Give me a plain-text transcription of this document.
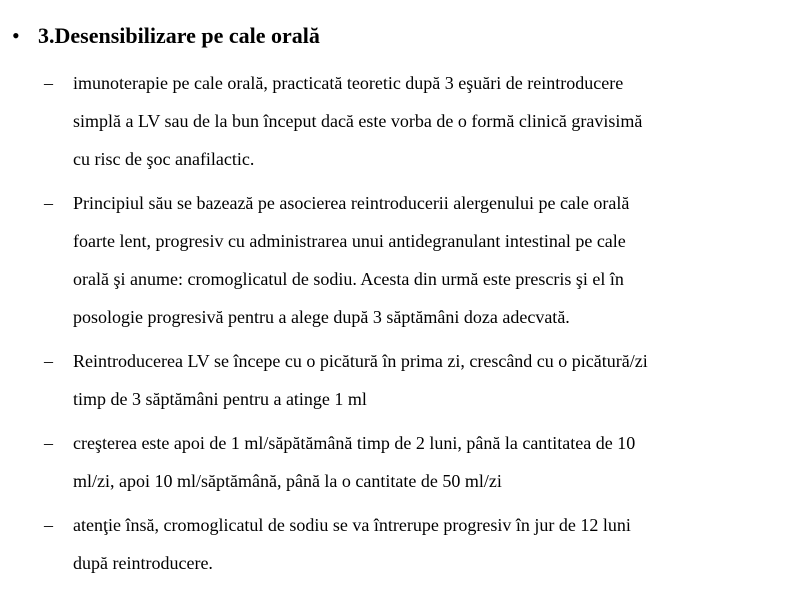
• 3.Desensibilizare pe cale orală
– imunoterapie pe cale orală, practicată teoretic după 3 eşuări de reintroducere
simplă a LV sau de la bun început dacă este vorba de o formă clinică gravisimă
cu risc de şoc anafilactic.
– Principiul său se bazează pe asocierea reintroducerii alergenului pe cale orală
foarte lent, progresiv cu administrarea unui antidegranulant intestinal pe cale
orală şi anume: cromoglicatul de sodiu. Acesta din urmă este prescris şi el în
posologie progresivă pentru a alege după 3 săptămâni doza adecvată.
– Reintroducerea LV se începe cu o picătură în prima zi, crescând cu o picătură/zi
timp de 3 săptămâni pentru a atinge 1 ml
– creşterea este apoi de 1 ml/săpătămână timp de 2 luni, până la cantitatea de 10
ml/zi, apoi 10 ml/săptămână, până la o cantitate de 50 ml/zi
– atenţie însă, cromoglicatul de sodiu se va întrerupe progresiv în jur de 12 luni
după reintroducere.
